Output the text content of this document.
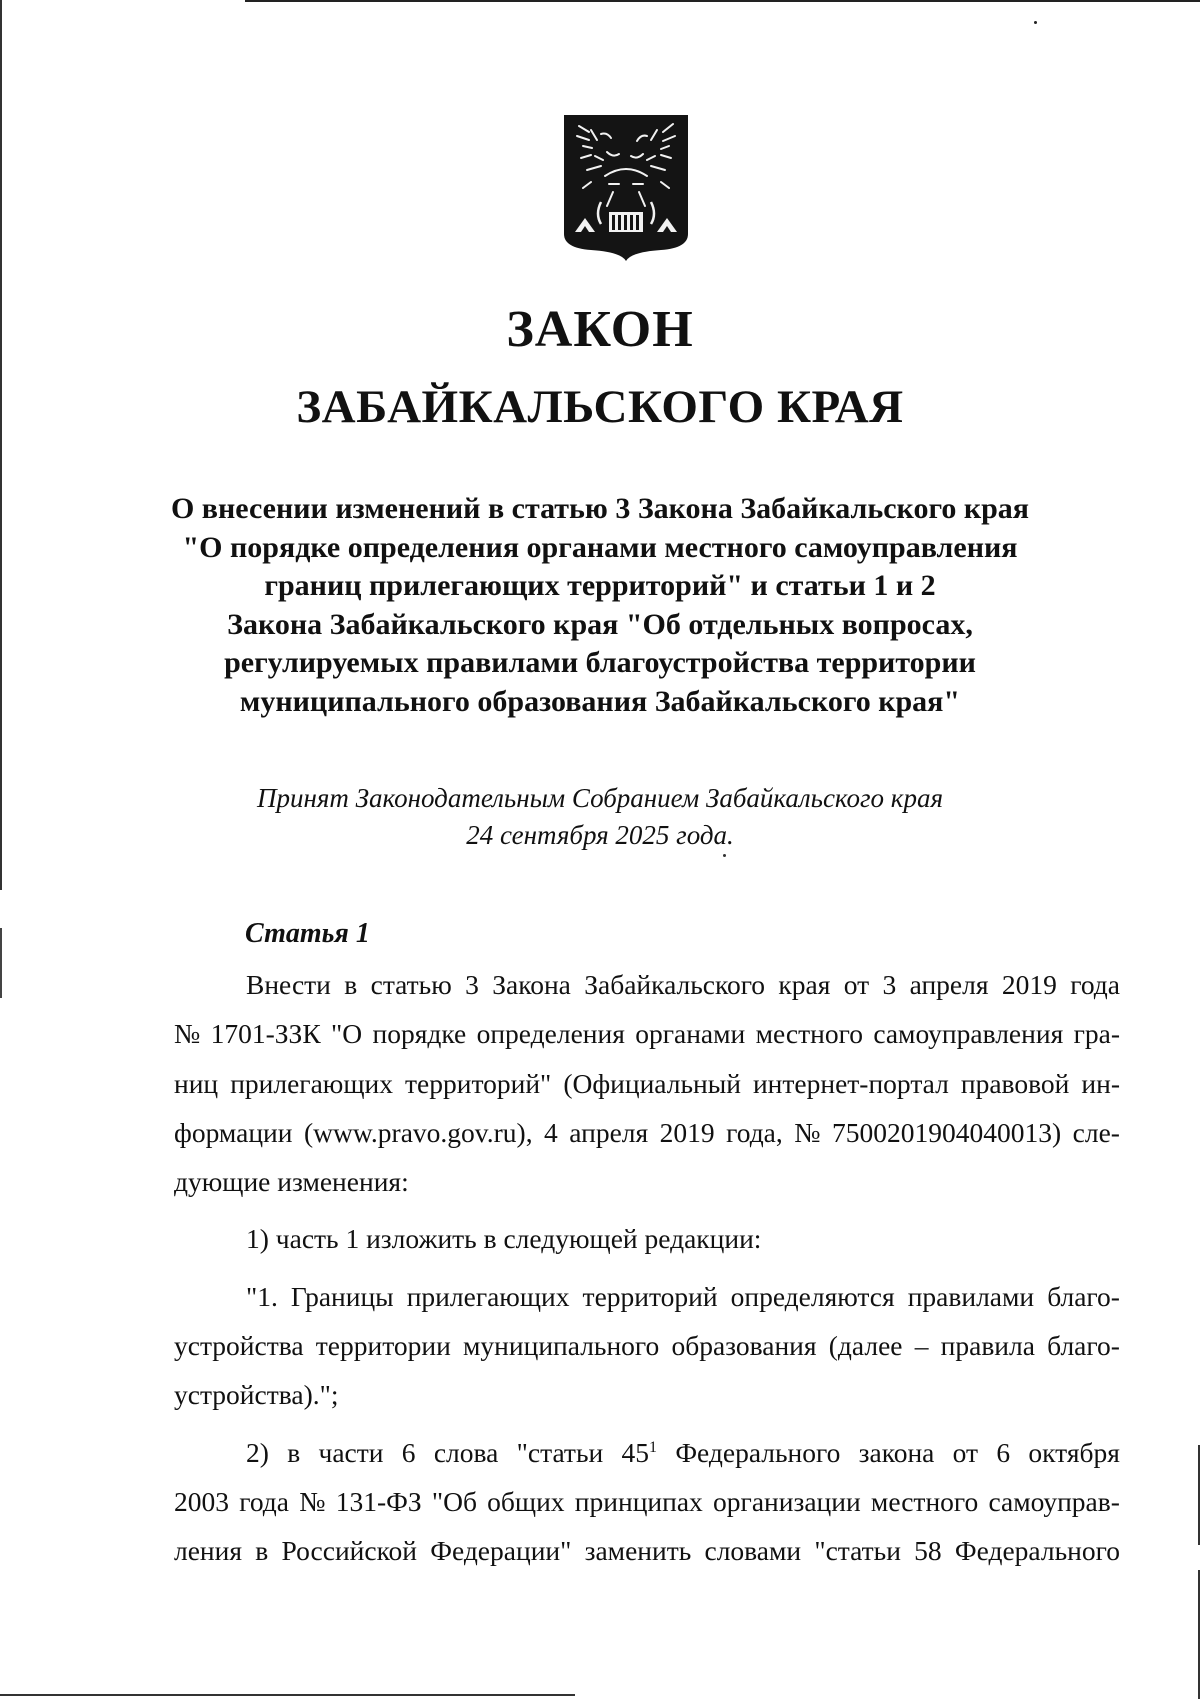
ЗАКОН
ЗАБАЙКАЛЬСКОГО КРАЯ
О внесении изменений в статью 3 Закона Забайкальского края
"О порядке определения органами местного самоуправления
границ прилегающих территорий" и статьи 1 и 2
Закона Забайкальского края "Об отдельных вопросах,
регулируемых правилами благоустройства территории
муниципального образования Забайкальского края"
Принят Законодательным Собранием Забайкальского края
24 сентября 2025 года.
Статья 1
Внести в статью 3 Закона Забайкальского края от 3 апреля 2019 года
№ 1701-ЗЗК "О порядке определения органами местного самоуправления гра-
ниц прилегающих территорий" (Официальный интернет-портал правовой ин-
формации (www.pravo.gov.ru), 4 апреля 2019 года, № 7500201904040013) сле-
дующие изменения:
1) часть 1 изложить в следующей редакции:
"1. Границы прилегающих территорий определяются правилами благо-
устройства территории муниципального образования (далее – правила благо-
устройства).";
2) в части 6 слова "статьи $45^1$ Федерального закона от 6 октября
2003 года № 131-ФЗ "Об общих принципах организации местного самоуправ-
ления в Российской Федерации" заменить словами "статьи 58 Федерального
